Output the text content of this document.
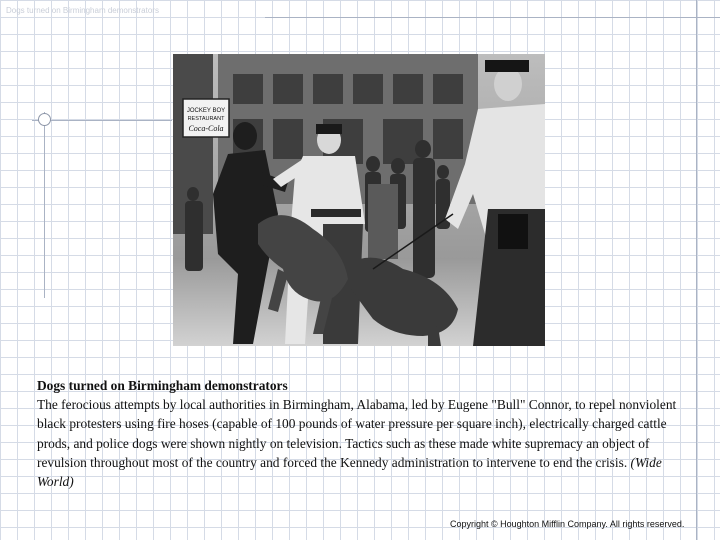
Dogs turned on Birmingham demonstrators
JOCKEY BOY
RESTAURANT
Coca-Cola
Dogs turned on Birmingham demonstrators
The ferocious attempts by local authorities in Birmingham, Alabama, led by Eugene "Bull" Connor, to repel nonviolent black protesters using fire hoses (capable of 100 pounds of water pressure per square inch), electrically charged cattle prods, and police dogs were shown nightly on television. Tactics such as these made white supremacy an object of revulsion throughout most of the country and forced the Kennedy administration to intervene to end the crisis. (Wide World)
Copyright © Houghton Mifflin Company. All rights reserved.
